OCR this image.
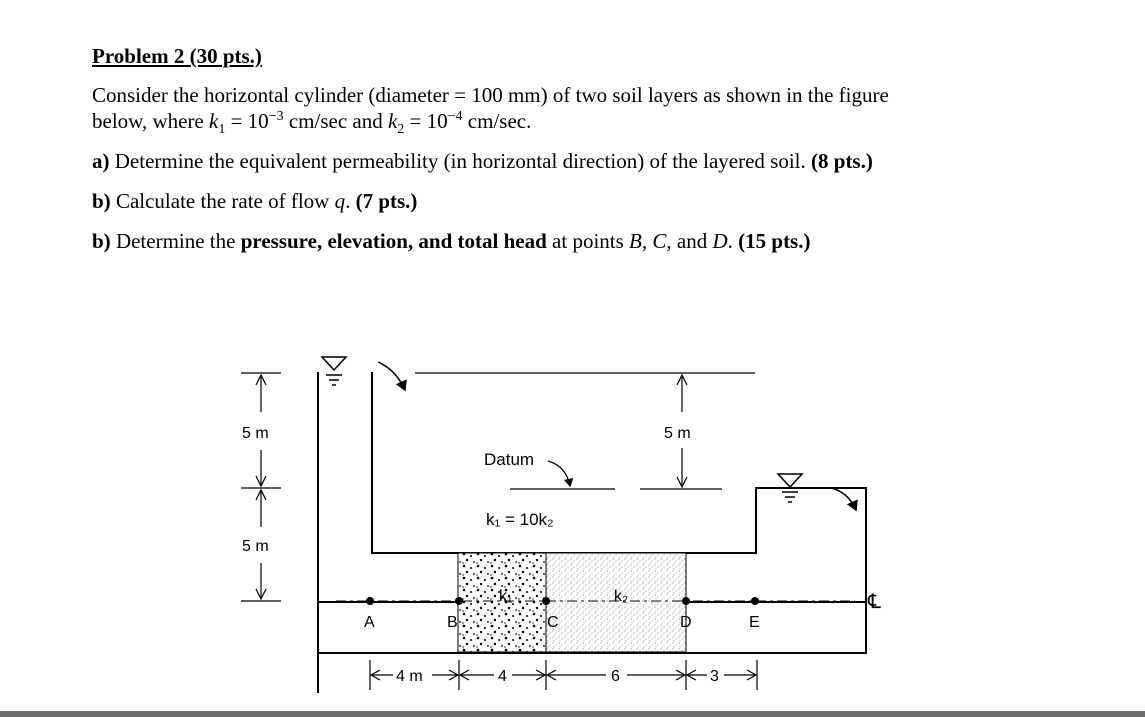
Problem 2 (30 pts.)
Consider the horizontal cylinder (diameter = 100 mm) of two soil layers as shown in the figure
below, where $k_1 = 10^{-3}$ cm/sec and $k_2 = 10^{-4}$ cm/sec.
a) Determine the equivalent permeability (in horizontal direction) of the layered soil. (8 pts.)
b) Calculate the rate of flow q. (7 pts.)
b) Determine the pressure, elevation, and total head at points B, C, and D. (15 pts.)
5 m
5 m
5 m
Datum
k₁ = 10k₂
k₁	k₂
A	B	C	D	E
℄
4 m	4	6	3
